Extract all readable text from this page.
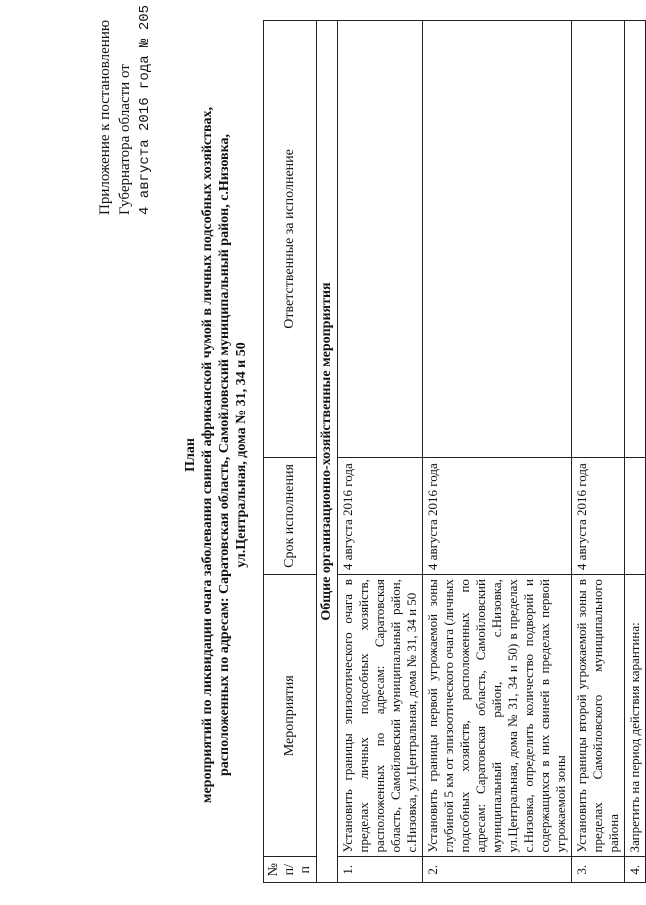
Приложение к постановлению Губернатора области от 4 августа 2016 года № 205
План мероприятий по ликвидации очага заболевания свиней африканской чумой в личных подсобных хозяйствах, расположенных по адресам: Саратовская область, Самойловский муниципальный район, с.Низовка, ул.Центральная, дома № 31, 34 и 50
№ п/п	Мероприятия	Срок исполнения	Ответственные за исполнение
Общие организационно-хозяйственные мероприятия			
1.	Установить границы эпизоотического очага в пределах личных подсобных хозяйств, расположенных по адресам: Саратовская область, Самойловский муниципальный район, с.Низовка, ул.Центральная, дома № 31, 34 и 50	4 августа 2016 года	
2.	Установить границы первой угрожаемой зоны глубиной 5 км от эпизоотического очага (личных подсобных хозяйств, расположенных по адресам: Саратовская область, Самойловский муниципальный район, с.Низовка, ул.Центральная, дома № 31, 34 и 50) в пределах с.Низовка, определить количество подворий и содержащихся в них свиней в пределах первой угрожаемой зоны	4 августа 2016 года	
3.	Установить границы второй угрожаемой зоны в пределах Самойловского муниципального района	4 августа 2016 года	
4.	Запретить на период действия карантина:		
